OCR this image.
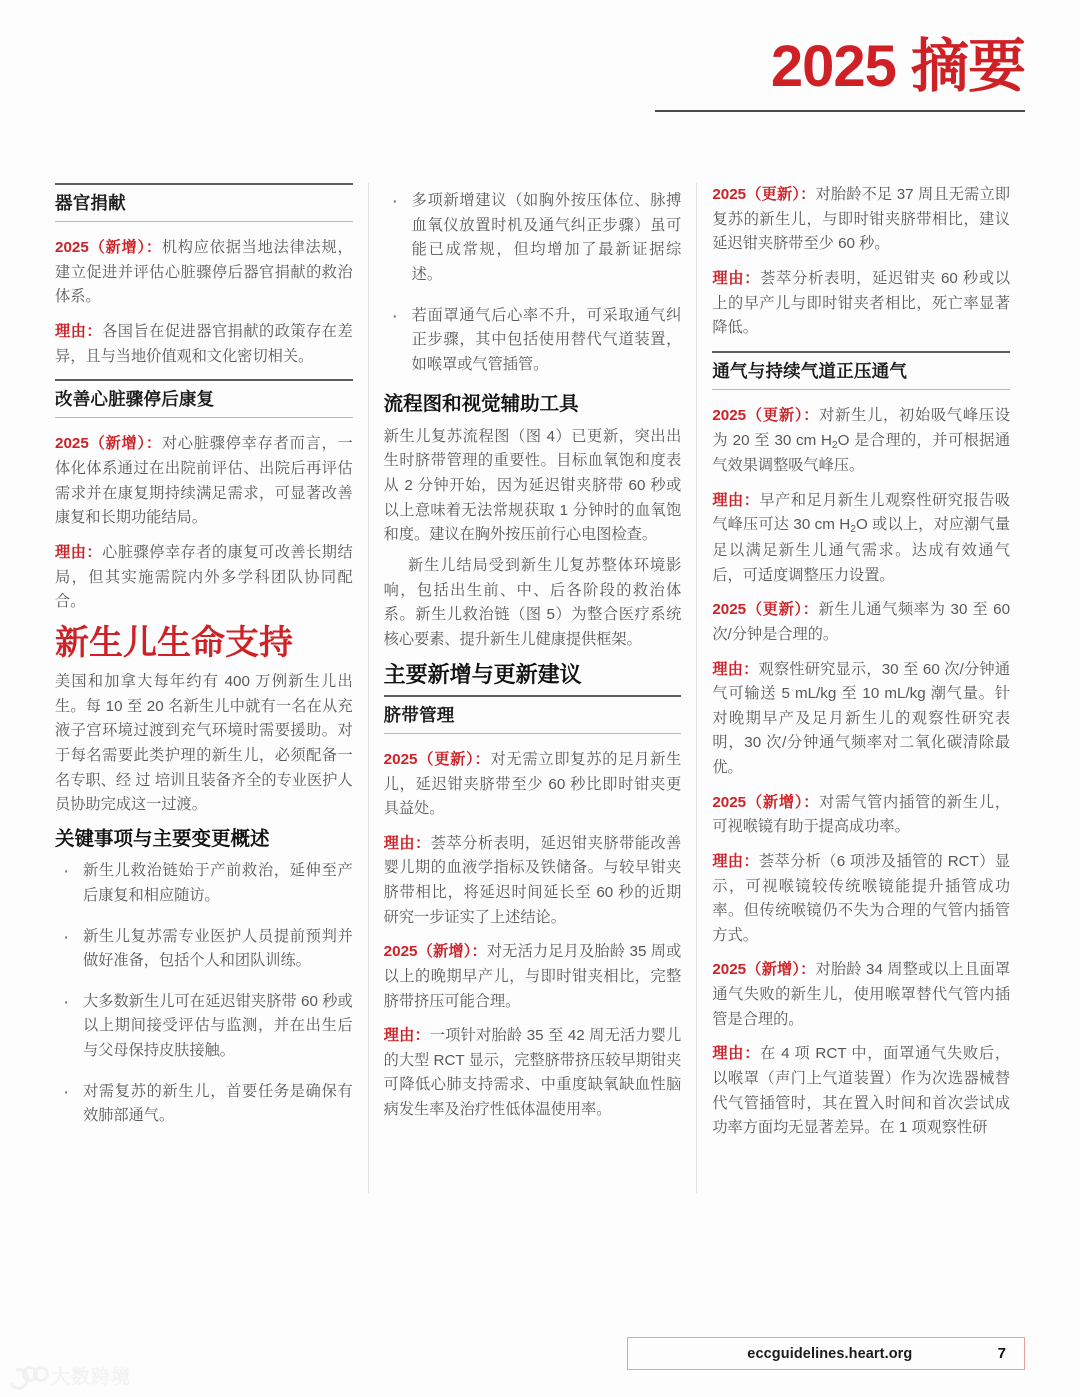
2025 摘要
器官捐献

2025（新增）：机构应依据当地法律法规，建立促进并评估心脏骤停后器官捐献的救治体系。

理由：各国旨在促进器官捐献的政策存在差异，且与当地价值观和文化密切相关。

改善心脏骤停后康复

2025（新增）：对心脏骤停幸存者而言，一体化体系通过在出院前评估、出院后再评估需求并在康复期持续满足需求，可显著改善康复和长期功能结局。

理由：心脏骤停幸存者的康复可改善长期结局，但其实施需院内外多学科团队协同配合。

新生儿生命支持

美国和加拿大每年约有 400 万例新生儿出生。每 10 至 20 名新生儿中就有一名在从充液子宫环境过渡到充气环境时需要援助。对于每名需要此类护理的新生儿，必须配备一名专职、经 过 培训且装备齐全的专业医护人员协助完成这一过渡。

关键事项与主要变更概述
· 新生儿救治链始于产前救治，延伸至产后康复和相应随访。
· 新生儿复苏需专业医护人员提前预判并做好准备，包括个人和团队训练。
· 大多数新生儿可在延迟钳夹脐带 60 秒或以上期间接受评估与监测，并在出生后与父母保持皮肤接触。
· 对需复苏的新生儿，首要任务是确保有效肺部通气。
· 多项新增建议（如胸外按压体位、脉搏血氧仪放置时机及通气纠正步骤）虽可能已成常规，但均增加了最新证据综述。
· 若面罩通气后心率不升，可采取通气纠正步骤，其中包括使用替代气道装置，如喉罩或气管插管。
流程图和视觉辅助工具

新生儿复苏流程图（图 4）已更新，突出出生时脐带管理的重要性。目标血氧饱和度表从 2 分钟开始，因为延迟钳夹脐带 60 秒或以上意味着无法常规获取 1 分钟时的血氧饱和度。建议在胸外按压前行心电图检查。

新生儿结局受到新生儿复苏整体环境影响，包括出生前、中、后各阶段的救治体系。新生儿救治链（图 5）为整合医疗系统核心要素、提升新生儿健康提供框架。

主要新增与更新建议
脐带管理

2025（更新）：对无需立即复苏的足月新生儿，延迟钳夹脐带至少 60 秒比即时钳夹更具益处。

理由：荟萃分析表明，延迟钳夹脐带能改善婴儿期的血液学指标及铁储备。与较早钳夹脐带相比，将延迟时间延长至 60 秒的近期研究一步证实了上述结论。

2025（新增）：对无活力足月及胎龄 35 周或以上的晚期早产儿，与即时钳夹相比，完整脐带挤压可能合理。

理由：一项针对胎龄 35 至 42 周无活力婴儿的大型 RCT 显示，完整脐带挤压较早期钳夹可降低心肺支持需求、中重度缺氧缺血性脑病发生率及治疗性低体温使用率。

2025（更新）：对胎龄不足 37 周且无需立即复苏的新生儿，与即时钳夹脐带相比，建议延迟钳夹脐带至少 60 秒。

理由：荟萃分析表明，延迟钳夹 60 秒或以上的早产儿与即时钳夹者相比，死亡率显著降低。

通气与持续气道正压通气

2025（更新）：对新生儿，初始吸气峰压设为 20 至 30 cm $H_2O$ 是合理的，并可根据通气效果调整吸气峰压。

理由：早产和足月新生儿观察性研究报告吸气峰压可达 30 cm $H_2O$ 或以上，对应潮气量足以满足新生儿通气需求。达成有效通气后，可适度调整压力设置。

2025（更新）：新生儿通气频率为 30 至 60 次/分钟是合理的。

理由：观察性研究显示，30 至 60 次/分钟通气可输送 5 mL/kg 至 10 mL/kg 潮气量。针对晚期早产及足月新生儿的观察性研究表明，30 次/分钟通气频率对二氧化碳清除最优。

2025（新增）：对需气管内插管的新生儿，可视喉镜有助于提高成功率。

理由：荟萃分析（6 项涉及插管的 RCT）显示，可视喉镜较传统喉镜能提升插管成功率。但传统喉镜仍不失为合理的气管内插管方式。

2025（新增）：对胎龄 34 周整或以上且面罩通气失败的新生儿，使用喉罩替代气管内插管是合理的。

理由：在 4 项 RCT 中，面罩通气失败后，以喉罩（声门上气道装置）作为次选器械替代气管插管时，其在置入时间和首次尝试成功率方面均无显著差异。在 1 项观察性研

eccguidelines.heart.org	7
大数跨境
